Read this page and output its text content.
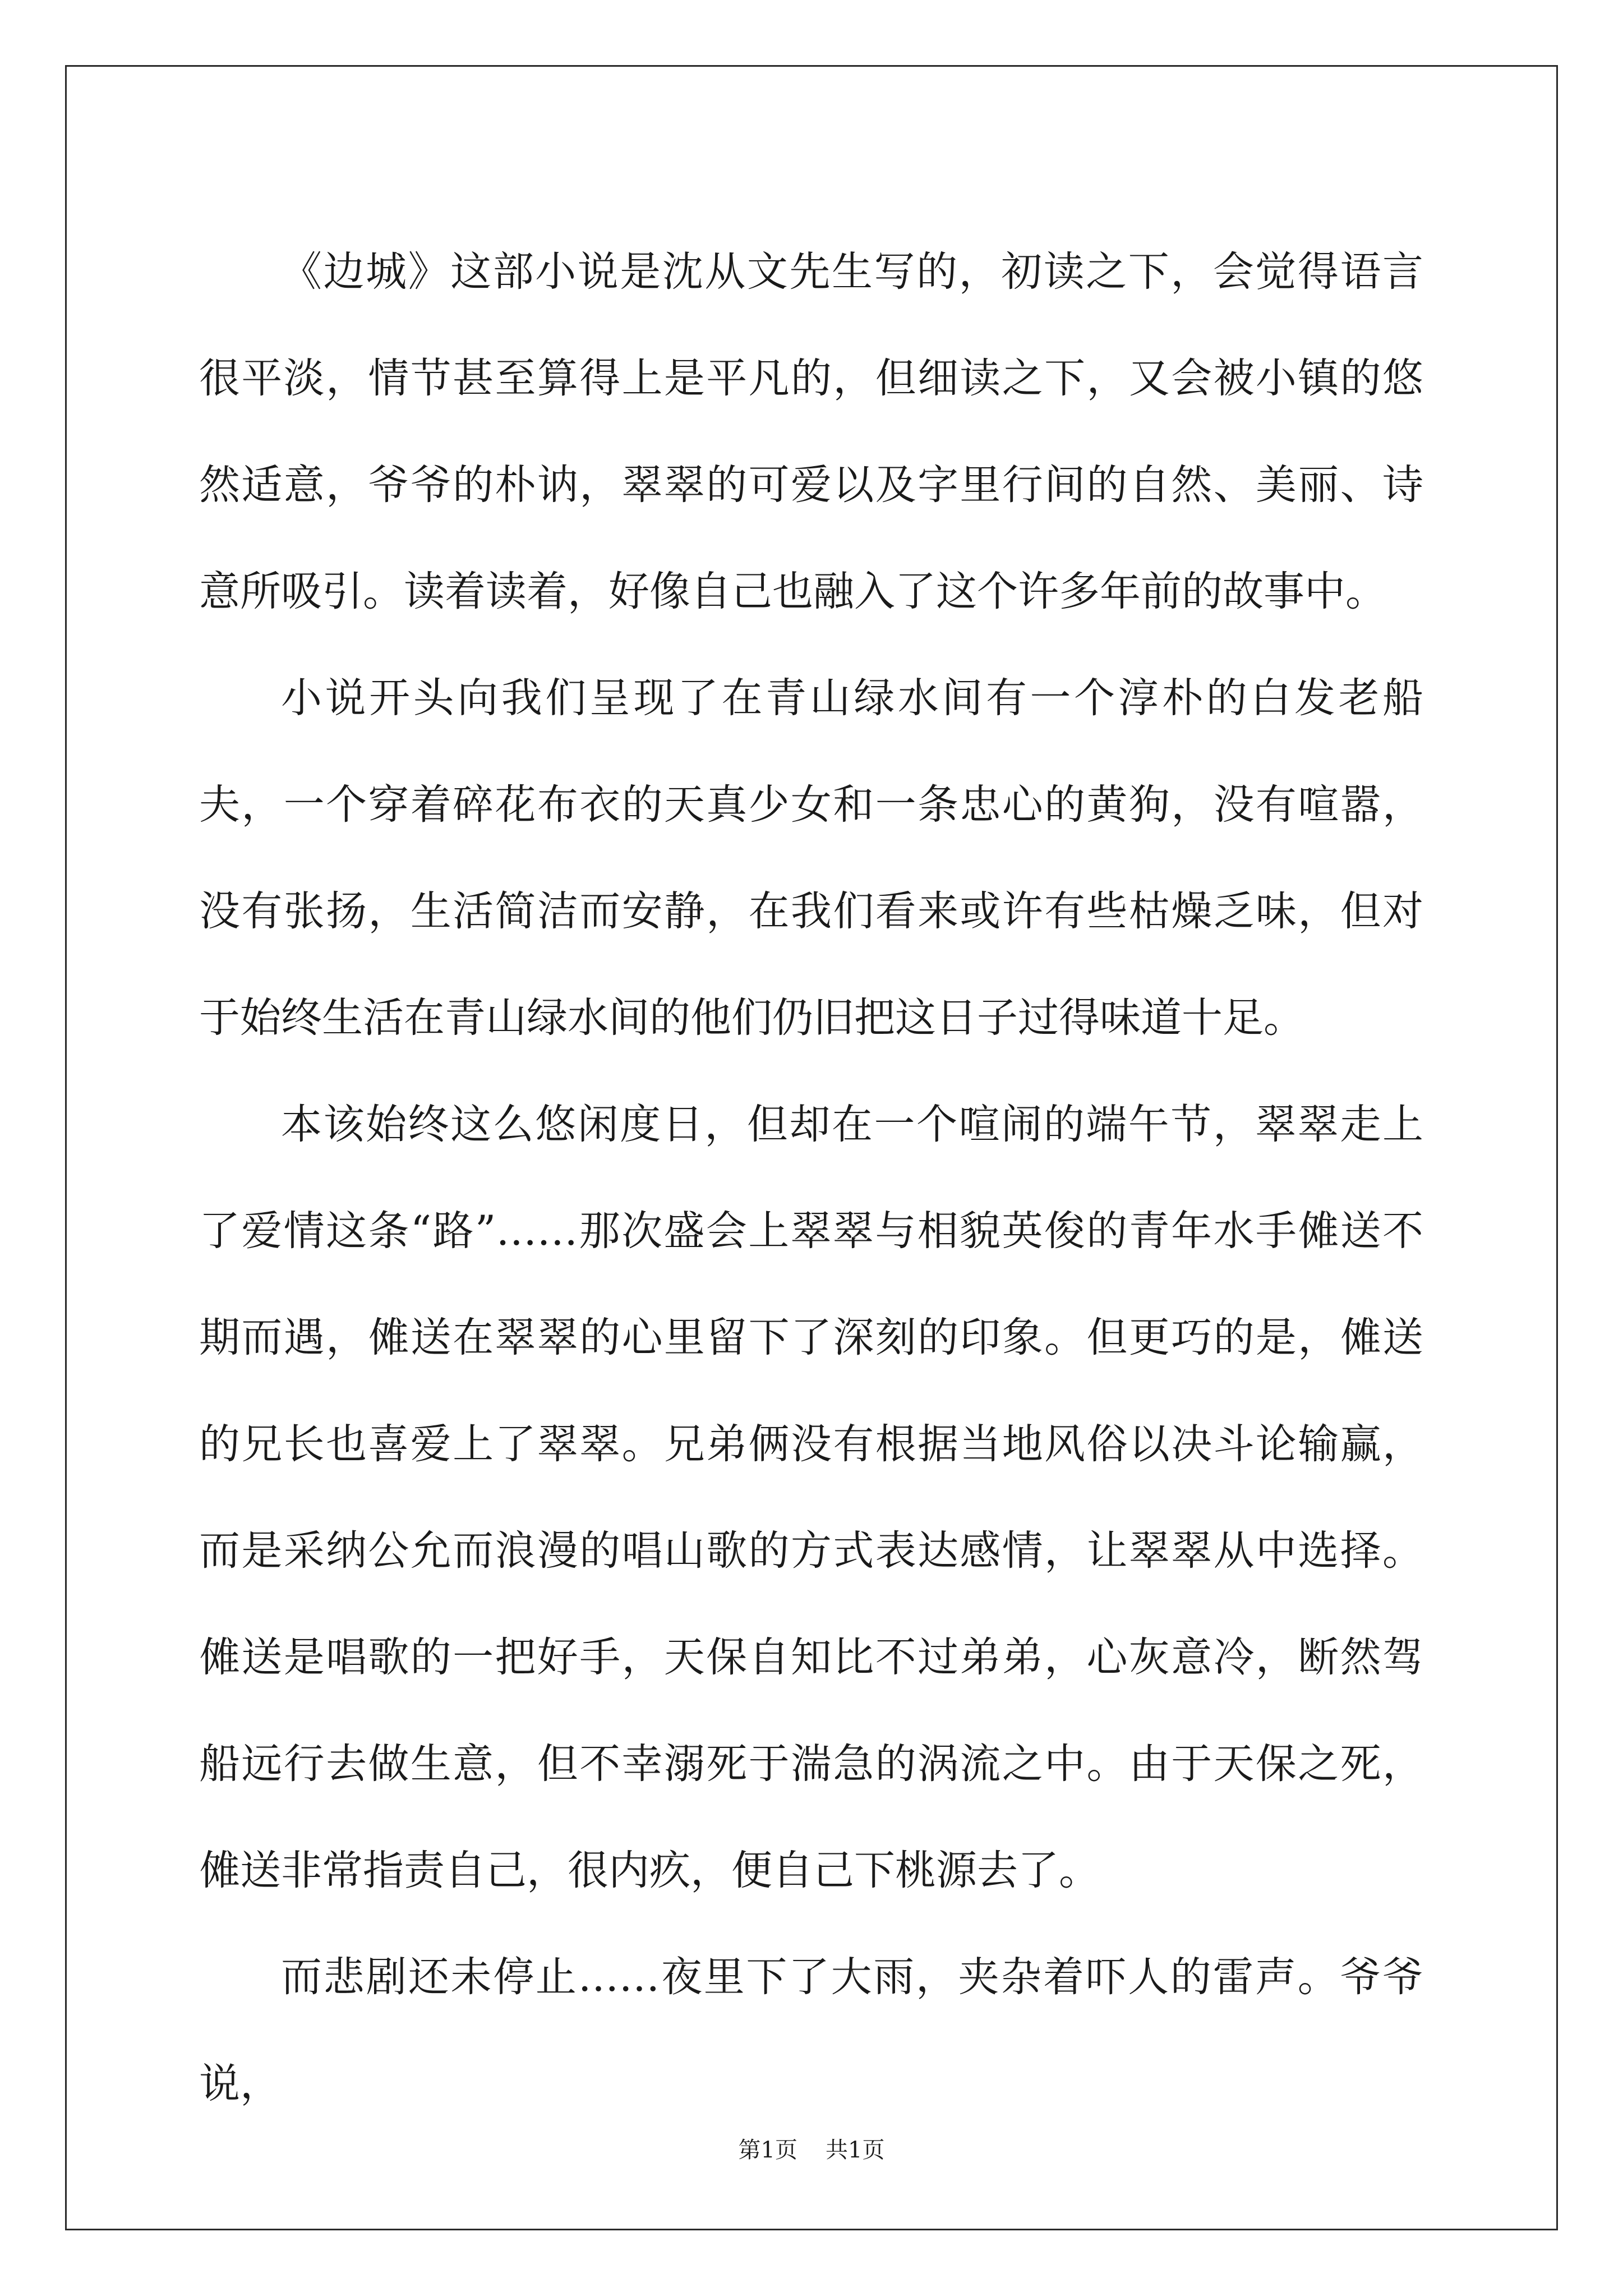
《边城》这部小说是沈从文先生写的，初读之下，会觉得语言很平淡，情节甚至算得上是平凡的，但细读之下，又会被小镇的悠然适意，爷爷的朴讷，翠翠的可爱以及字里行间的自然、美丽、诗意所吸引。读着读着，好像自己也融入了这个许多年前的故事中。

小说开头向我们呈现了在青山绿水间有一个淳朴的白发老船夫，一个穿着碎花布衣的天真少女和一条忠心的黄狗，没有喧嚣，没有张扬，生活简洁而安静，在我们看来或许有些枯燥乏味，但对于始终生活在青山绿水间的他们仍旧把这日子过得味道十足。

本该始终这么悠闲度日，但却在一个喧闹的端午节，翠翠走上了爱情这条“路”……那次盛会上翠翠与相貌英俊的青年水手傩送不期而遇，傩送在翠翠的心里留下了深刻的印象。但更巧的是，傩送的兄长也喜爱上了翠翠。兄弟俩没有根据当地风俗以决斗论输赢，而是采纳公允而浪漫的唱山歌的方式表达感情，让翠翠从中选择。傩送是唱歌的一把好手，天保自知比不过弟弟，心灰意冷，断然驾船远行去做生意，但不幸溺死于湍急的涡流之中。由于天保之死，傩送非常指责自己，很内疚，便自己下桃源去了。

而悲剧还未停止……夜里下了大雨，夹杂着吓人的雷声。爷爷说，

第1页 共1页
